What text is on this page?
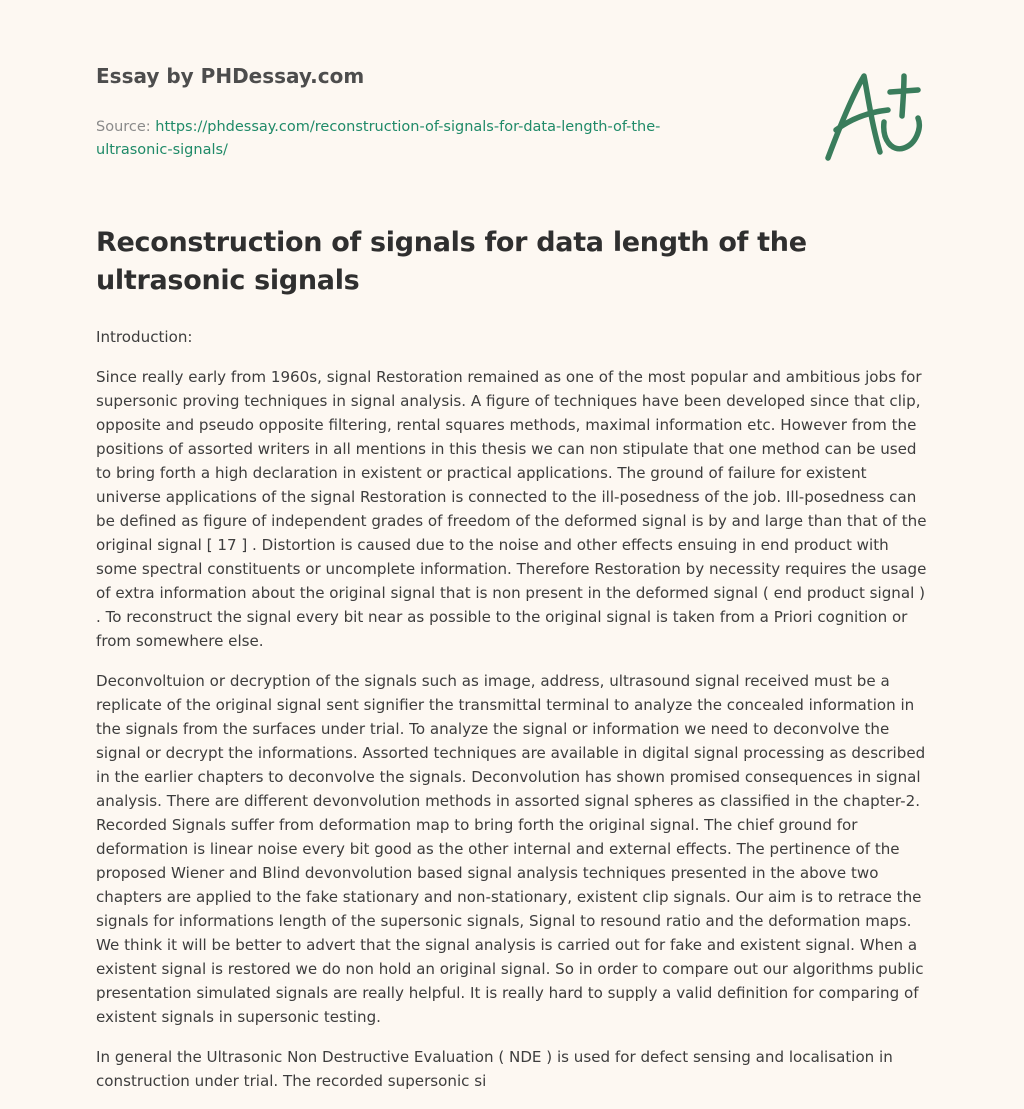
Essay by PHDessay.com
Source: https://phdessay.com/reconstruction-of-signals-for-data-length-of-the-ultrasonic-signals/
Reconstruction of signals for data length of the ultrasonic signals

Introduction:

Since really early from 1960s, signal Restoration remained as one of the most popular and ambitious jobs for supersonic proving techniques in signal analysis. A figure of techniques have been developed since that clip, opposite and pseudo opposite filtering, rental squares methods, maximal information etc. However from the positions of assorted writers in all mentions in this thesis we can non stipulate that one method can be used to bring forth a high declaration in existent or practical applications. The ground of failure for existent universe applications of the signal Restoration is connected to the ill-posedness of the job. Ill-posedness can be defined as figure of independent grades of freedom of the deformed signal is by and large than that of the original signal [ 17 ] . Distortion is caused due to the noise and other effects ensuing in end product with some spectral constituents or uncomplete information. Therefore Restoration by necessity requires the usage of extra information about the original signal that is non present in the deformed signal ( end product signal ) . To reconstruct the signal every bit near as possible to the original signal is taken from a Priori cognition or from somewhere else.

Deconvoltuion or decryption of the signals such as image, address, ultrasound signal received must be a replicate of the original signal sent signifier the transmittal terminal to analyze the concealed information in the signals from the surfaces under trial. To analyze the signal or information we need to deconvolve the signal or decrypt the informations. Assorted techniques are available in digital signal processing as described in the earlier chapters to deconvolve the signals. Deconvolution has shown promised consequences in signal analysis. There are different devonvolution methods in assorted signal spheres as classified in the chapter-2. Recorded Signals suffer from deformation map to bring forth the original signal. The chief ground for deformation is linear noise every bit good as the other internal and external effects. The pertinence of the proposed Wiener and Blind devonvolution based signal analysis techniques presented in the above two chapters are applied to the fake stationary and non-stationary, existent clip signals. Our aim is to retrace the signals for informations length of the supersonic signals, Signal to resound ratio and the deformation maps. We think it will be better to advert that the signal analysis is carried out for fake and existent signal. When a existent signal is restored we do non hold an original signal. So in order to compare out our algorithms public presentation simulated signals are really helpful. It is really hard to supply a valid definition for comparing of existent signals in supersonic testing.

In general the Ultrasonic Non Destructive Evaluation ( NDE ) is used for defect sensing and localisation in construction under trial. The recorded supersonic si
